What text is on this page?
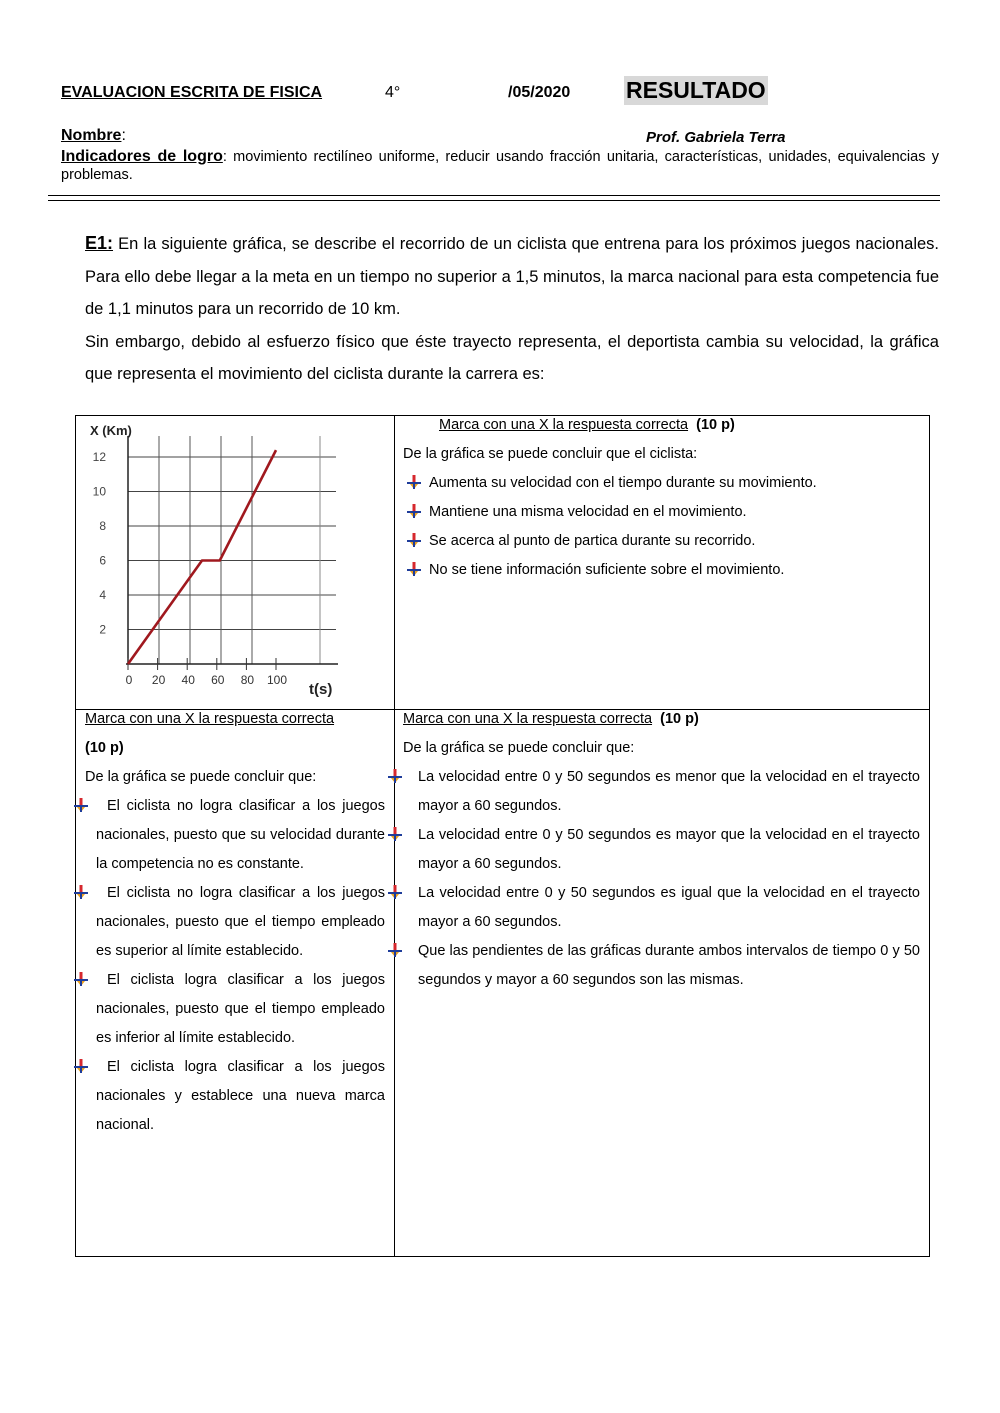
EVALUACION ESCRITA DE FISICA	4°	/05/2020 RESULTADO
Nombre:	Prof. Gabriela Terra
Indicadores de logro: movimiento rectilíneo uniforme, reducir usando fracción unitaria, características, unidades, equivalencias y problemas.
E1: En la siguiente gráfica, se describe el recorrido de un ciclista que entrena para los próximos juegos nacionales. Para ello debe llegar a la meta en un tiempo no superior a 1,5 minutos, la marca nacional para esta competencia fue de 1,1 minutos para un recorrido de 10 km.
Sin embargo, debido al esfuerzo físico que éste trayecto representa, el deportista cambia su velocidad, la gráfica que representa el movimiento del ciclista durante la carrera es:
X (Km)
2
4
6
8
10
12
0 20 40 60 80 100
t(s)
Marca con una X la respuesta correcta (10 p)
De la gráfica se puede concluir que el ciclista:
Aumenta su velocidad con el tiempo durante su movimiento.
Mantiene una misma velocidad en el movimiento.
Se acerca al punto de partica durante su recorrido.
No se tiene información suficiente sobre el movimiento.
Marca con una X la respuesta correcta
(10 p)
De la gráfica se puede concluir que:
El ciclista no logra clasificar a los juegos nacionales, puesto que su velocidad durante la competencia no es constante.
El ciclista no logra clasificar a los juegos nacionales, puesto que el tiempo empleado es superior al límite establecido.
El ciclista logra clasificar a los juegos nacionales, puesto que el tiempo empleado es inferior al límite establecido.
El ciclista logra clasificar a los juegos nacionales y establece una nueva marca nacional.
Marca con una X la respuesta correcta (10 p)
De la gráfica se puede concluir que:
La velocidad entre 0 y 50 segundos es menor que la velocidad en el trayecto mayor a 60 segundos.
La velocidad entre 0 y 50 segundos es mayor que la velocidad en el trayecto mayor a 60 segundos.
La velocidad entre 0 y 50 segundos es igual que la velocidad en el trayecto mayor a 60 segundos.
Que las pendientes de las gráficas durante ambos intervalos de tiempo 0 y 50 segundos y mayor a 60 segundos son las mismas.
